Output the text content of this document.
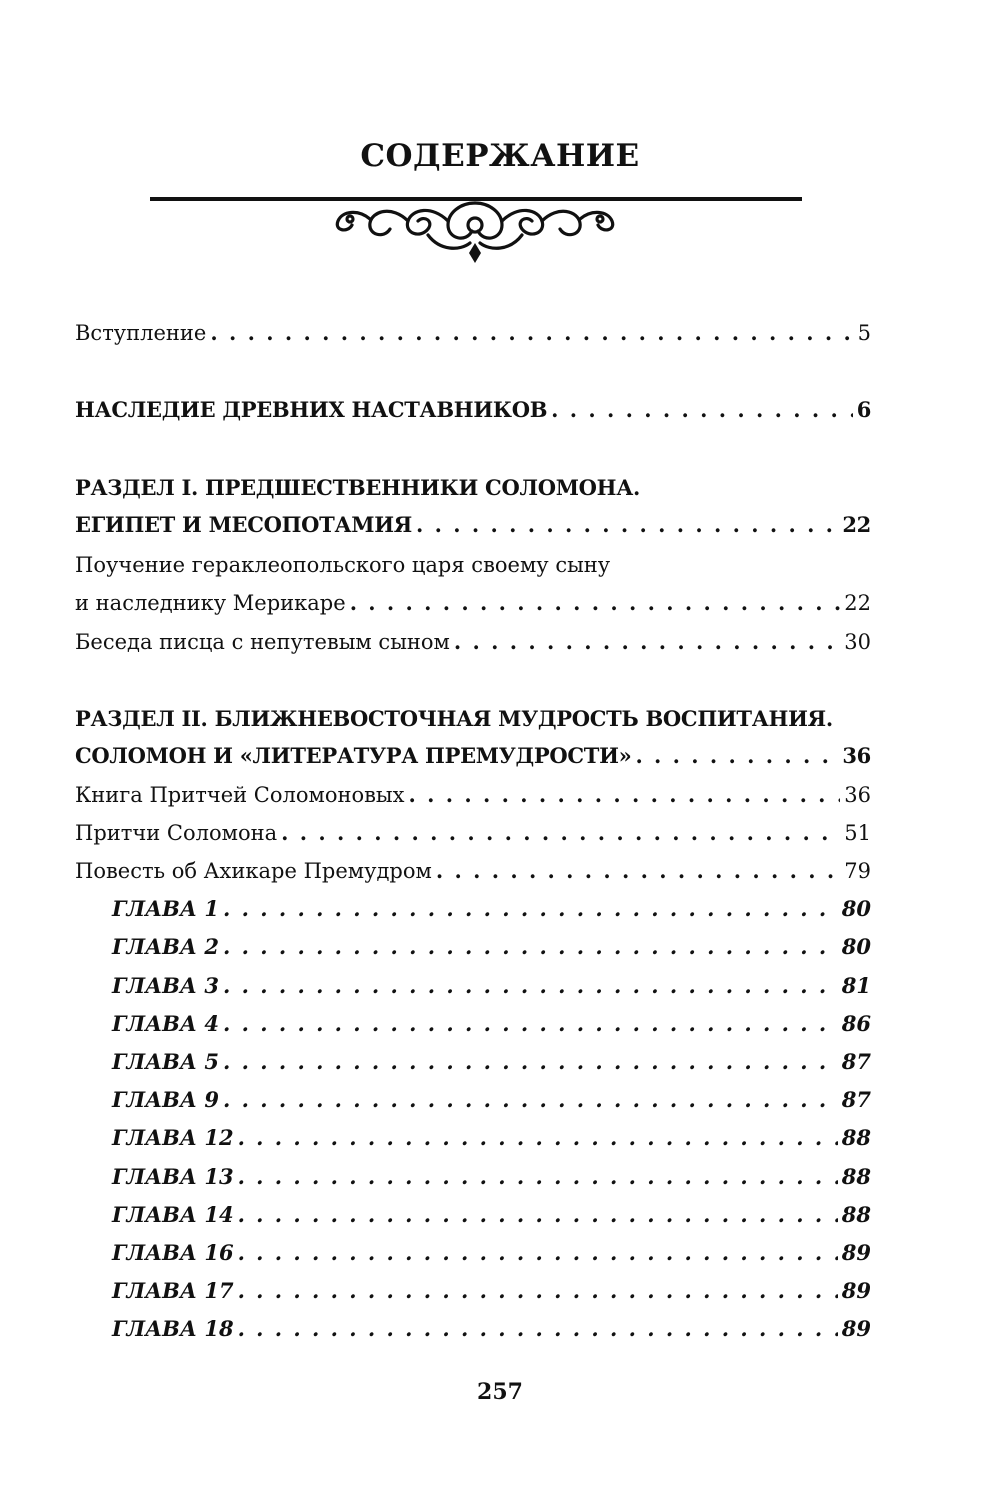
СОДЕРЖАНИЕ
Вступление . . .	5
НАСЛЕДИЕ ДРЕВНИХ НАСТАВНИКОВ . . .	6
РАЗДЕЛ I. ПРЕДШЕСТВЕННИКИ СОЛОМОНА.
ЕГИПЕТ И МЕСОПОТАМИЯ . . .	22
Поучение гераклеопольского царя своему сыну
и наследнику Мерикаре . . .	22
Беседа писца с непутевым сыном . . .	30
РАЗДЕЛ II. БЛИЖНЕВОСТОЧНАЯ МУДРОСТЬ ВОСПИТАНИЯ.
СОЛОМОН И «ЛИТЕРАТУРА ПРЕМУДРОСТИ» . . .	36
Книга Притчей Соломоновых . . .	36
Притчи Соломона . . .	51
Повесть об Ахикаре Премудром . . .	79
ГЛАВА 1 . . .	80
ГЛАВА 2 . . .	80
ГЛАВА 3 . . .	81
ГЛАВА 4 . . .	86
ГЛАВА 5 . . .	87
ГЛАВА 9 . . .	87
ГЛАВА 12 . . .	88
ГЛАВА 13 . . .	88
ГЛАВА 14 . . .	88
ГЛАВА 16 . . .	89
ГЛАВА 17 . . .	89
ГЛАВА 18 . . .	89
257
